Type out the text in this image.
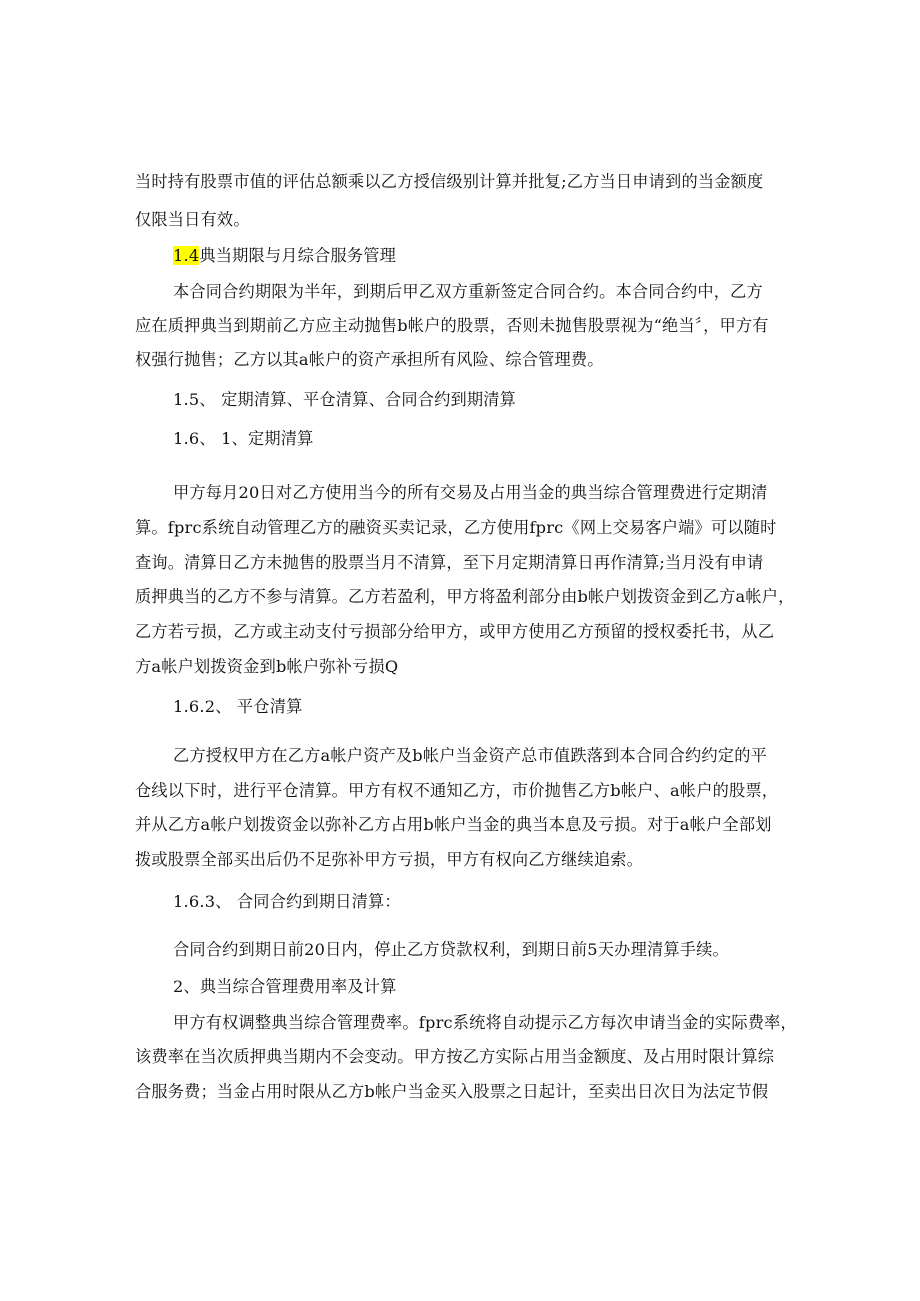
当时持有股票市值的评估总额乘以乙方授信级别计算并批复;乙方当日申请到的当金额度
仅限当日有效。
1.4典当期限与月综合服务管理
本合同合约期限为半年，到期后甲乙双方重新签定合同合约。本合同合约中，乙方
应在质押典当到期前乙方应主动抛售b帐户的股票，否则未抛售股票视为“绝当〞，甲方有
权强行抛售；乙方以其a帐户的资产承担所有风险、综合管理费。
1.5、 定期清算、平仓清算、合同合约到期清算
1.6、 1、定期清算
甲方每月20日对乙方使用当今的所有交易及占用当金的典当综合管理费进行定期清
算。fprc系统自动管理乙方的融资买卖记录，乙方使用fprc《网上交易客户端》可以随时
查询。清算日乙方未抛售的股票当月不清算，至下月定期清算日再作清算;当月没有申请
质押典当的乙方不参与清算。乙方若盈利，甲方将盈利部分由b帐户划拨资金到乙方a帐户，
乙方若亏损，乙方或主动支付亏损部分给甲方，或甲方使用乙方预留的授权委托书，从乙
方a帐户划拨资金到b帐户弥补亏损Q
1.6.2、 平仓清算
乙方授权甲方在乙方a帐户资产及b帐户当金资产总市值跌落到本合同合约约定的平
仓线以下时，进行平仓清算。甲方有权不通知乙方，市价抛售乙方b帐户、a帐户的股票，
并从乙方a帐户划拨资金以弥补乙方占用b帐户当金的典当本息及亏损。对于a帐户全部划
拨或股票全部买出后仍不足弥补甲方亏损，甲方有权向乙方继续追索。
1.6.3、 合同合约到期日清算：
合同合约到期日前20日内，停止乙方贷款权利，到期日前5天办理清算手续。
2、典当综合管理费用率及计算
甲方有权调整典当综合管理费率。fprc系统将自动提示乙方每次申请当金的实际费率，
该费率在当次质押典当期内不会变动。甲方按乙方实际占用当金额度、及占用时限计算综
合服务费；当金占用时限从乙方b帐户当金买入股票之日起计，至卖出日次日为法定节假
